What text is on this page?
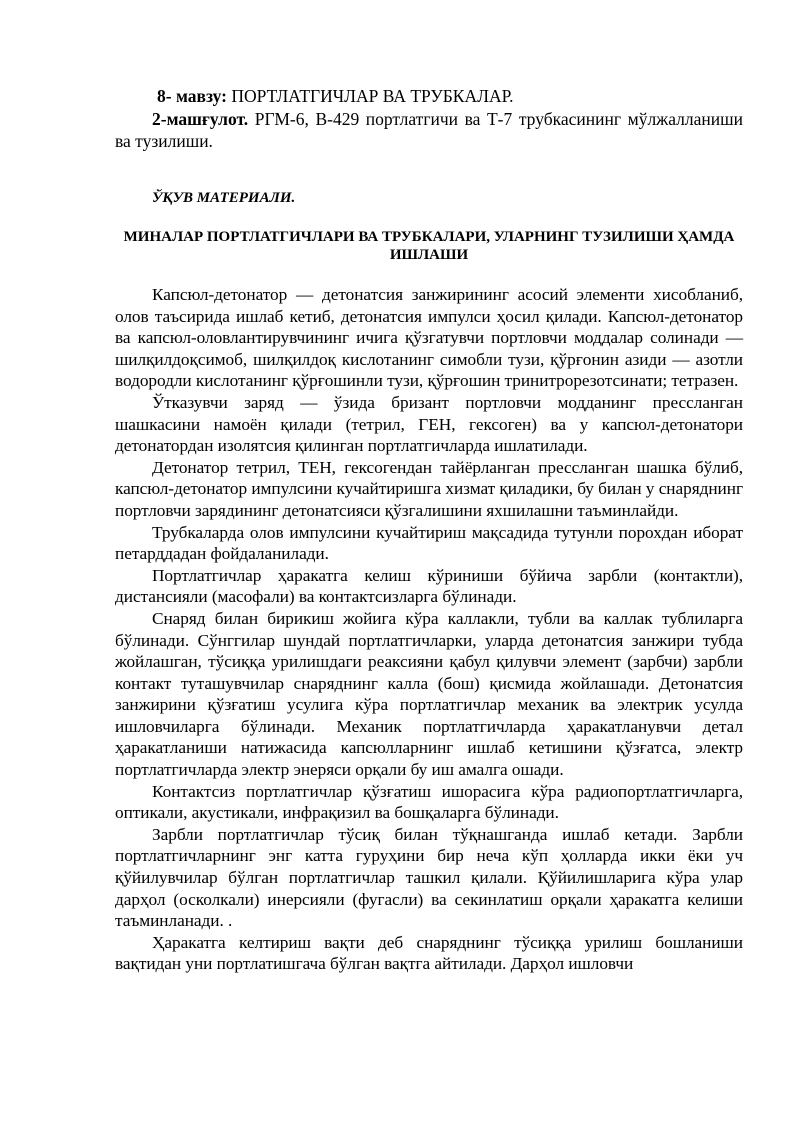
8- мавзу: ПОРТЛАТГИЧЛАР ВА ТРУБКАЛАР.

2-машғулот. РГМ-6, В-429 портлатгичи ва Т-7 трубкасининг мўлжалланиши ва тузилиши.

ЎҚУВ МАТЕРИАЛИ.

МИНАЛАР ПОРТЛАТГИЧЛАРИ ВА ТРУБКАЛАРИ, УЛАРНИНГ ТУЗИЛИШИ ҲАМДА ИШЛАШИ

Капсюл-детонатор — детонатсия занжирининг асосий элементи хисобланиб, олов таъсирида ишлаб кетиб, детонатсия импулси ҳосил қилади. Капсюл-детонатор ва капсюл-оловлантирувчининг ичига қўзгатувчи портловчи моддалар солинади — шилқилдоқсимоб, шилқилдоқ кислотанинг симобли тузи, қўрғонин азиди — азотли водородли кислотанинг қўрғошинли тузи, қўрғошин тринитрорезотсинати; тетразен.

Ўтказувчи заряд — ўзида бризант портловчи модданинг прессланган шашкасини намоён қилади (тетрил, ГЕН, гексоген) ва у капсюл-детонатори детонатордан изолятсия қилинган портлатгичларда ишлатилади.

Детонатор тетрил, ТЕН, гексогендан тайёрланган прессланган шашка бўлиб, капсюл-детонатор импулсини кучайтиришга хизмат қиладики, бу билан у снаряднинг портловчи зарядининг детонатсияси қўзгалишини яхшилашни таъминлайди.

Трубкаларда олов импулсини кучайтириш мақсадида тутунли порохдан иборат петарддадан фойдаланилади.

Портлатгичлар ҳаракатга келиш кўриниши бўйича зарбли (контактли), дистансияли (масофали) ва контактсизларга бўлинади.

Снаряд билан бирикиш жойига кўра каллакли, тубли ва каллак тублиларга бўлинади. Сўнггилар шундай портлатгичларки, уларда детонатсия занжири тубда жойлашган, тўсиққа урилишдаги реаксияни қабул қилувчи элемент (зарбчи) зарбли контакт туташувчилар снаряднинг калла (бош) қисмида жойлашади. Детонатсия занжирини қўзғатиш усулига кўра портлатгичлар механик ва электрик усулда ишловчиларга бўлинади. Механик портлатгичларда ҳаракатланувчи детал ҳаракатланиши натижасида капсюлларнинг ишлаб кетишини қўзғатса, электр портлатгичларда электр энеряси орқали бу иш амалга ошади.

Контактсиз портлатгичлар қўзғатиш ишорасига кўра радиопортлатгичларга, оптикали, акустикали, инфрақизил ва бошқаларга бўлинади.

Зарбли портлатгичлар тўсиқ билан тўқнашганда ишлаб кетади. Зарбли портлатгичларнинг энг катта гуруҳини бир неча кўп ҳолларда икки ёки уч қўйилувчилар бўлган портлатгичлар ташкил қилали. Қўйилишларига кўра улар дарҳол (осколкали) инерсияли (фугасли) ва секинлатиш орқали ҳаракатга келиши таъминланади. .

Ҳаракатга келтириш вақти деб снаряднинг тўсиққа урилиш бошланиши вақтидан уни портлатишгача бўлган вақтга айтилади. Дарҳол ишловчи
